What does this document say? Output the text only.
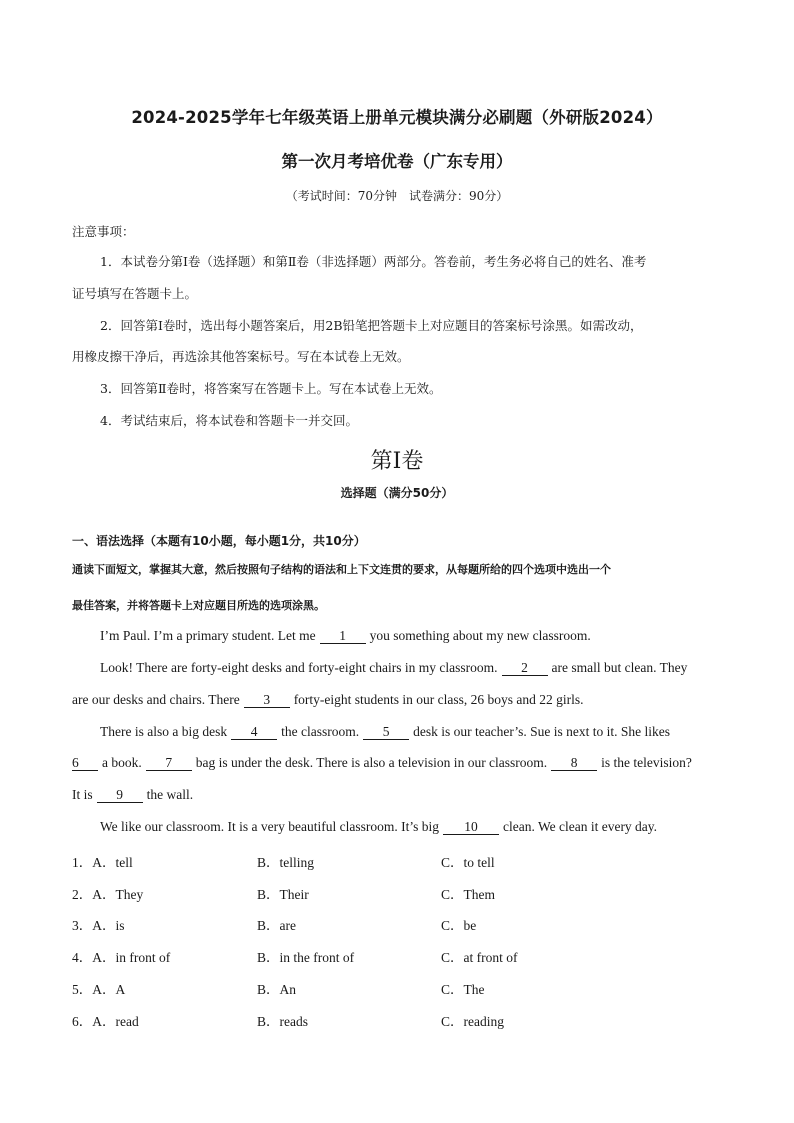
2024-2025学年七年级英语上册单元模块满分必刷题（外研版2024）
第一次月考培优卷（广东专用）
（考试时间：70分钟　试卷满分：90分）
注意事项：
1．本试卷分第Ⅰ卷（选择题）和第Ⅱ卷（非选择题）两部分。答卷前，考生务必将自己的姓名、准考
证号填写在答题卡上。
2．回答第Ⅰ卷时，选出每小题答案后，用2B铅笔把答题卡上对应题目的答案标号涂黑。如需改动，
用橡皮擦干净后，再选涂其他答案标号。写在本试卷上无效。
3．回答第Ⅱ卷时，将答案写在答题卡上。写在本试卷上无效。
4．考试结束后，将本试卷和答题卡一并交回。
第Ⅰ卷
选择题（满分50分）
一、语法选择（本题有10小题，每小题1分，共10分）
通读下面短文，掌握其大意，然后按照句子结构的语法和上下文连贯的要求，从每题所给的四个选项中选出一个
最佳答案，并将答题卡上对应题目所选的选项涂黑。
I’m Paul. I’m a primary student. Let me 1 you something about my new classroom.
Look! There are forty-eight desks and forty-eight chairs in my classroom. 2 are small but clean. They
are our desks and chairs. There 3 forty-eight students in our class, 26 boys and 22 girls.
There is also a big desk 4 the classroom. 5 desk is our teacher’s. Sue is next to it. She likes
6 a book. 7 bag is under the desk. There is also a television in our classroom. 8 is the television?
It is 9 the wall.
We like our classroom. It is a very beautiful classroom. It’s big 10 clean. We clean it every day.
1．A．tell	B．telling	C．to tell
2．A．They	B．Their	C．Them
3．A．is	B．are	C．be
4．A．in front of	B．in the front of	C．at front of
5．A．A	B．An	C．The
6．A．read	B．reads	C．reading
